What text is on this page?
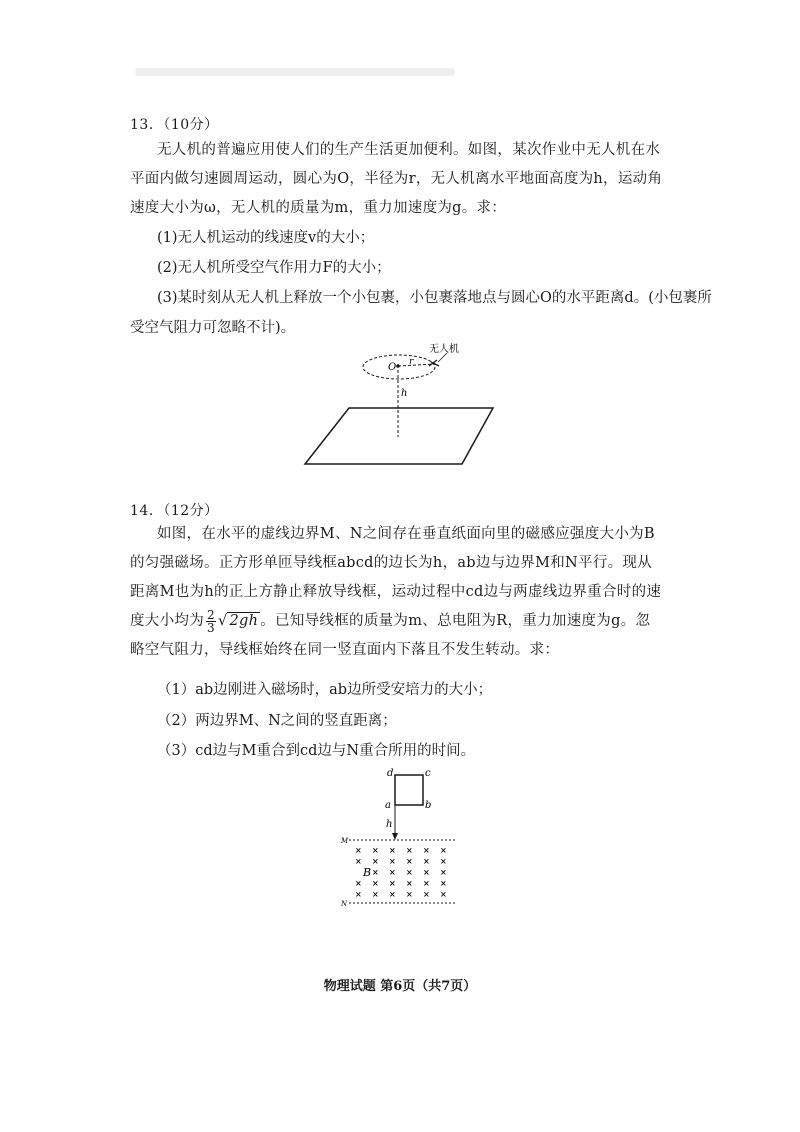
13．（10分）
无人机的普遍应用使人们的生产生活更加便利。如图，某次作业中无人机在水平面内做匀速圆周运动，圆心为O，半径为r，无人机离水平地面高度为h，运动角速度大小为ω，无人机的质量为m，重力加速度为g。求：
(1)无人机运动的线速度v的大小；
(2)无人机所受空气作用力F的大小；
(3)某时刻从无人机上释放一个小包裹，小包裹落地点与圆心O的水平距离d。(小包裹所
受空气阻力可忽略不计)。
O r
h
无人机
14．（12分）
如图，在水平的虚线边界M、N之间存在垂直纸面向里的磁感应强度大小为B的匀强磁场。正方形单匝导线框abcd的边长为h，ab边与边界M和N平行。现从距离M也为h的正上方静止释放导线框，运动过程中cd边与两虚线边界重合时的速度大小均为 $\frac{2}{3}$ √ 2gh 。已知导线框的质量为m、总电阻为R，重力加速度为g。忽略空气阻力，导线框始终在同一竖直面内下落且不发生转动。求：
（1）ab边刚进入磁场时，ab边所受安培力的大小；
（2）两边界M、N之间的竖直距离；
（3）cd边与M重合到cd边与N重合所用的时间。
d	c
a	b
h
M
N
B
× × × × × ×
× × × × × ×
× × × × ×
× × × × × ×
× × × × × ×
物理试题 第6页（共7页）
